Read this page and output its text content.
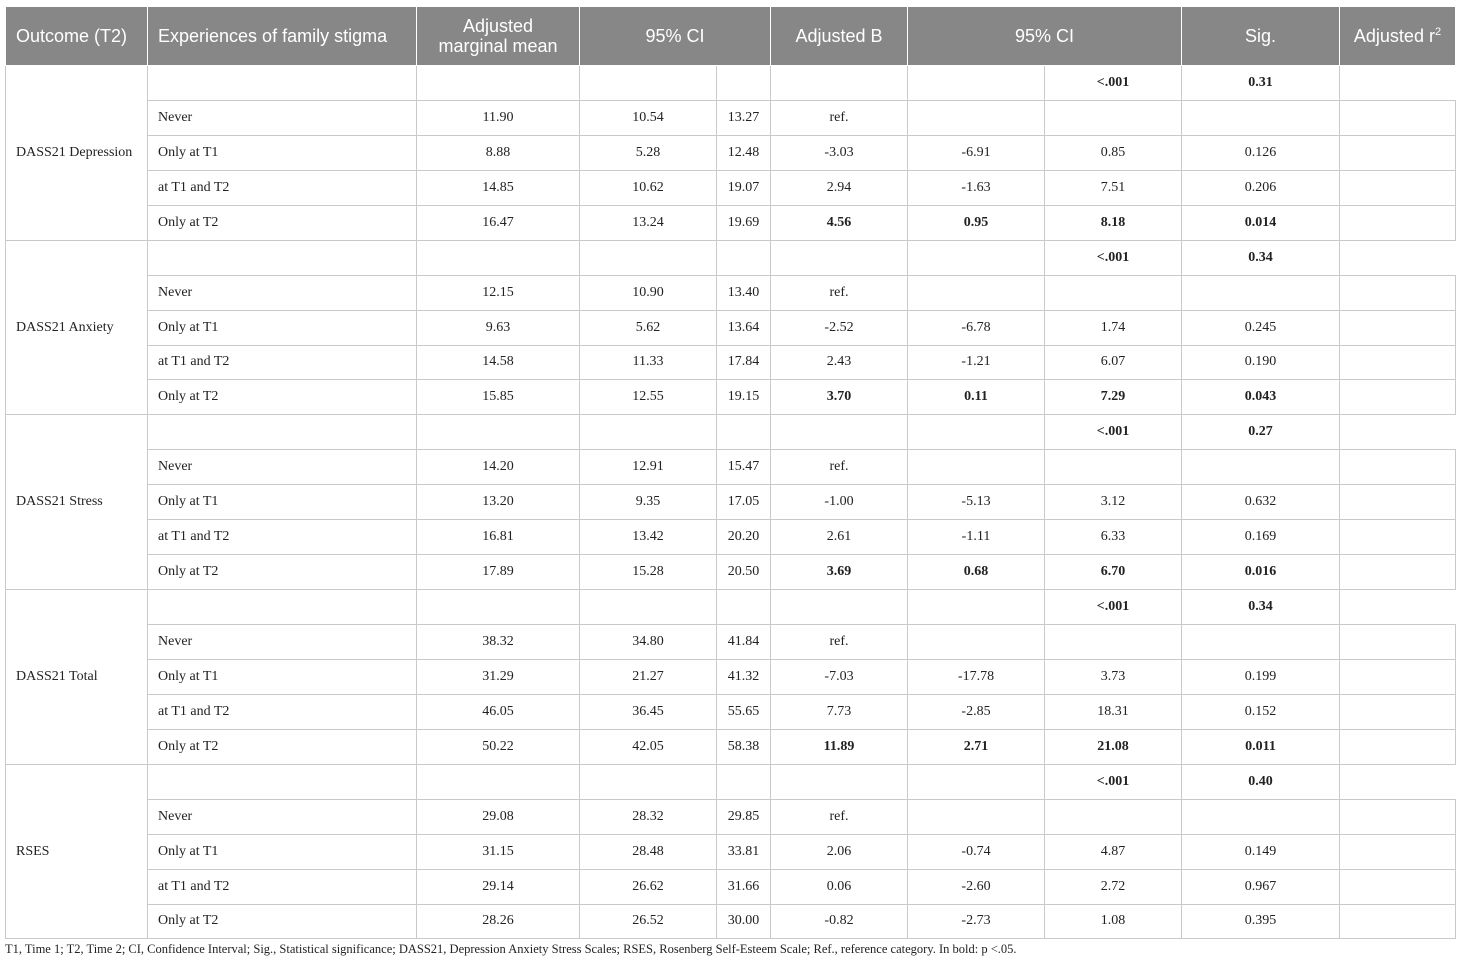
Outcome (T2)	Experiences of family stigma	Adjusted
marginal mean	95% CI		Adjusted B	95% CI		Sig.	Adjusted $r^2$
DASS21 Depression							<.001	0.31	
	Never	11.90	10.54	13.27	ref.				
	Only at T1	8.88	5.28	12.48	-3.03	-6.91	0.85	0.126	
	at T1 and T2	14.85	10.62	19.07	2.94	-1.63	7.51	0.206	
	Only at T2	16.47	13.24	19.69	4.56	0.95	8.18	0.014	
DASS21 Anxiety							<.001	0.34	
	Never	12.15	10.90	13.40	ref.				
	Only at T1	9.63	5.62	13.64	-2.52	-6.78	1.74	0.245	
	at T1 and T2	14.58	11.33	17.84	2.43	-1.21	6.07	0.190	
	Only at T2	15.85	12.55	19.15	3.70	0.11	7.29	0.043	
DASS21 Stress							<.001	0.27	
	Never	14.20	12.91	15.47	ref.				
	Only at T1	13.20	9.35	17.05	-1.00	-5.13	3.12	0.632	
	at T1 and T2	16.81	13.42	20.20	2.61	-1.11	6.33	0.169	
	Only at T2	17.89	15.28	20.50	3.69	0.68	6.70	0.016	
DASS21 Total							<.001	0.34	
	Never	38.32	34.80	41.84	ref.				
	Only at T1	31.29	21.27	41.32	-7.03	-17.78	3.73	0.199	
	at T1 and T2	46.05	36.45	55.65	7.73	-2.85	18.31	0.152	
	Only at T2	50.22	42.05	58.38	11.89	2.71	21.08	0.011	
RSES							<.001	0.40	
	Never	29.08	28.32	29.85	ref.				
	Only at T1	31.15	28.48	33.81	2.06	-0.74	4.87	0.149	
	at T1 and T2	29.14	26.62	31.66	0.06	-2.60	2.72	0.967	
	Only at T2	28.26	26.52	30.00	-0.82	-2.73	1.08	0.395	
T1, Time 1; T2, Time 2; CI, Confidence Interval; Sig., Statistical significance; DASS21, Depression Anxiety Stress Scales; RSES, Rosenberg Self-Esteem Scale; Ref., reference category. In bold: p <.05.
